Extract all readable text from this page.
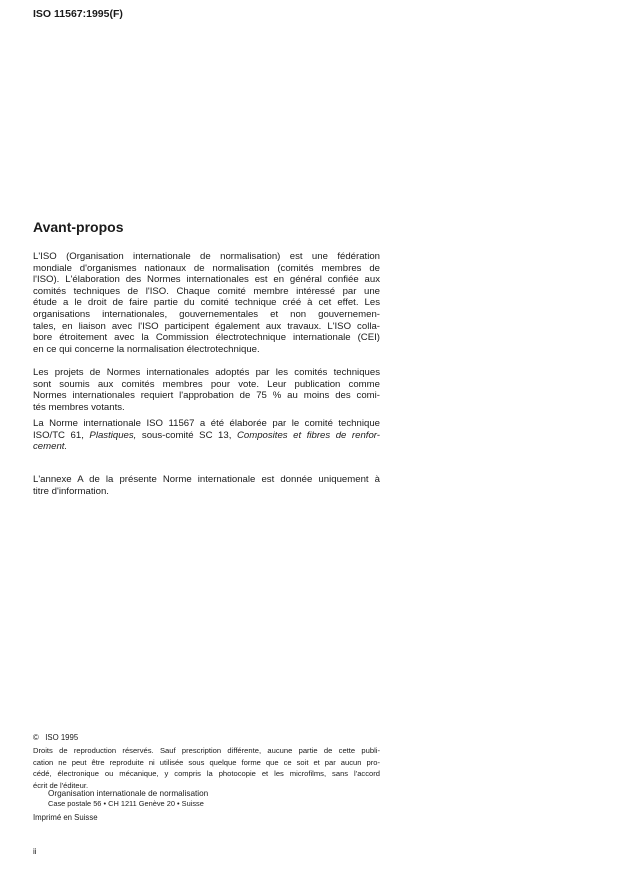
ISO 11567:1995(F)
Avant-propos
L'ISO (Organisation internationale de normalisation) est une fédération
mondiale d'organismes nationaux de normalisation (comités membres de
l'ISO). L'élaboration des Normes internationales est en général confiée aux
comités techniques de l'ISO. Chaque comité membre intéressé par une
étude a le droit de faire partie du comité technique créé à cet effet. Les
organisations internationales, gouvernementales et non gouvernemen-
tales, en liaison avec l'ISO participent également aux travaux. L'ISO colla-
bore étroitement avec la Commission électrotechnique internationale (CEI)
en ce qui concerne la normalisation électrotechnique.
Les projets de Normes internationales adoptés par les comités techniques
sont soumis aux comités membres pour vote. Leur publication comme
Normes internationales requiert l'approbation de 75 % au moins des comi-
tés membres votants.
La Norme internationale ISO 11567 a été élaborée par le comité technique
ISO/TC 61, Plastiques, sous-comité SC 13, Composites et fibres de renfor-
cement.
L'annexe A de la présente Norme internationale est donnée uniquement à
titre d'information.
©   ISO 1995
Droits de reproduction réservés. Sauf prescription différente, aucune partie de cette publi-
cation ne peut être reproduite ni utilisée sous quelque forme que ce soit et par aucun pro-
cédé, électronique ou mécanique, y compris la photocopie et les microfilms, sans l'accord
écrit de l'éditeur.
Organisation internationale de normalisation
Case postale 56 • CH 1211 Genève 20 • Suisse
Imprimé en Suisse
ii
